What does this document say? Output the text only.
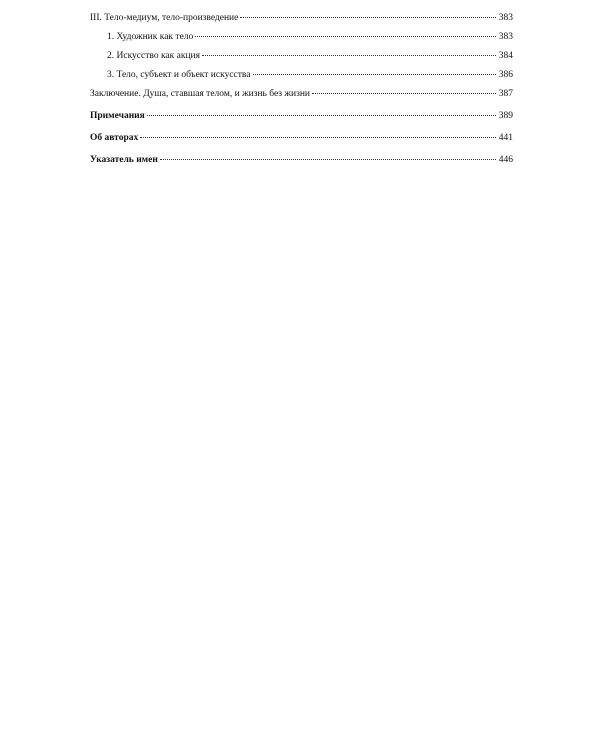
III. Тело-медиум, тело-произведение	383
1. Художник как тело	383
2. Искусство как акция	384
3. Тело, субъект и объект искусства	386
Заключение. Душа, ставшая телом, и жизнь без жизни	387
Примечания	389
Об авторах	441
Указатель имен	446
